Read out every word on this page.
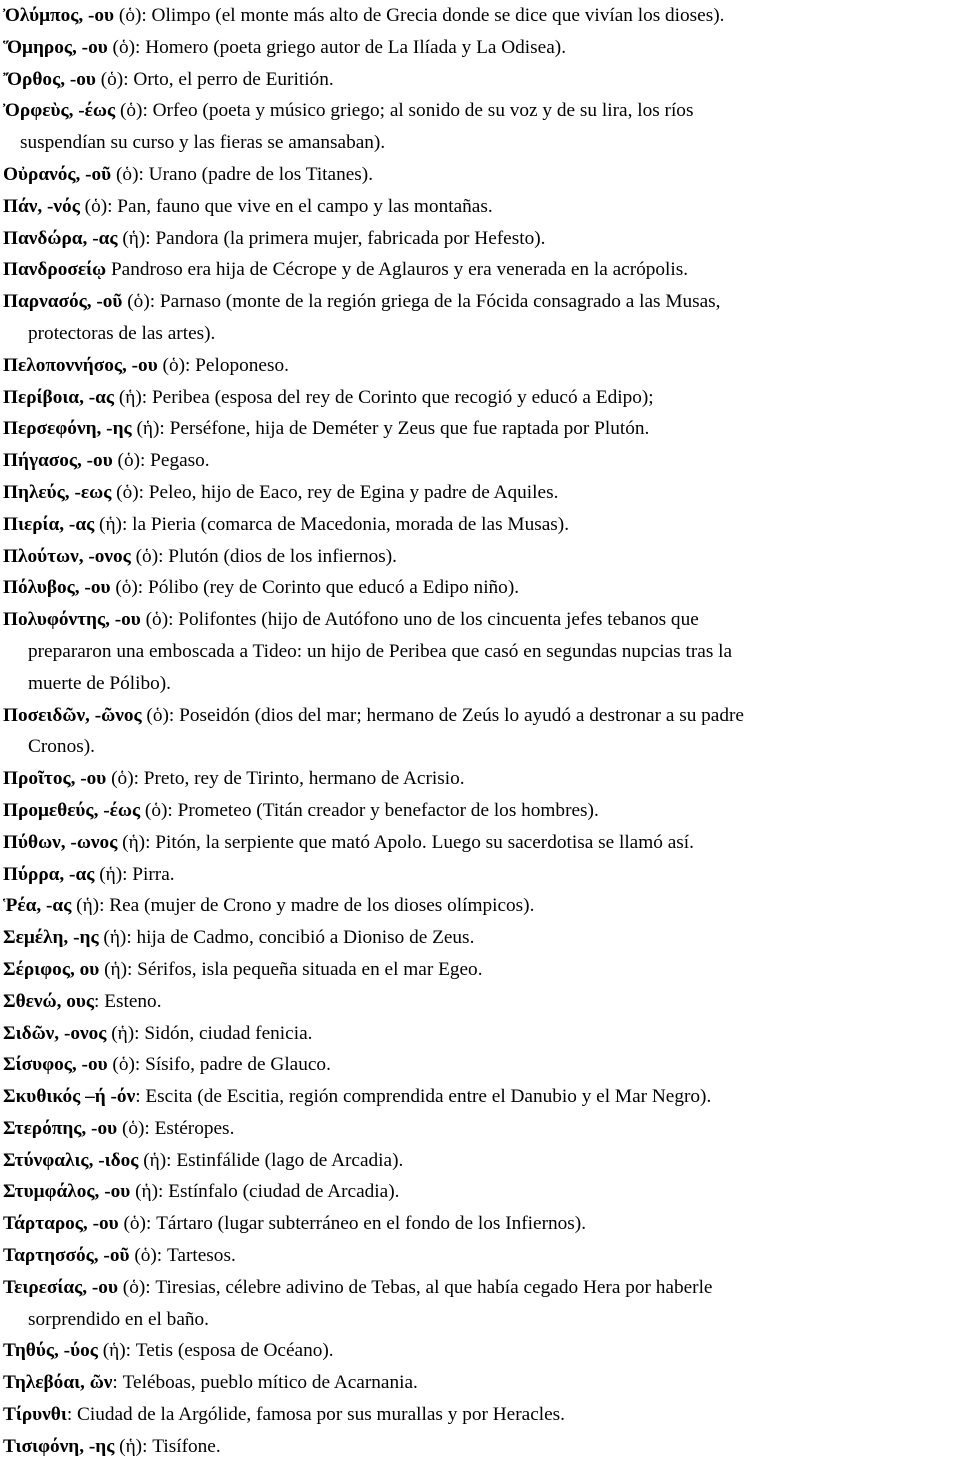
Ὀλύμπος, -ου (ὁ): Olimpo (el monte más alto de Grecia donde se dice que vivían los dioses).
Ὅμηρος, -ου (ὁ): Homero (poeta griego autor de La Ilíada y La Odisea).
Ὄρθος, -ου (ὁ): Orto, el perro de Euritión.
Ὀρφεὺς, -έως (ὁ): Orfeo (poeta y músico griego; al sonido de su voz y de su lira, los ríos
suspendían su curso y las fieras se amansaban).
Οὐρανός, -οῦ (ὁ): Urano (padre de los Titanes).
Πάν, -νός (ὁ): Pan, fauno que vive en el campo y las montañas.
Πανδώρα, -ας (ἡ): Pandora (la primera mujer, fabricada por Hefesto).
Πανδροσείῳ Pandroso era hija de Cécrope y de Aglauros y era venerada en la acrópolis.
Παρνασός, -οῦ (ὁ): Parnaso (monte de la región griega de la Fócida consagrado a las Musas,
protectoras de las artes).
Πελοποννήσος, -ου (ὁ): Peloponeso.
Περίβοια, -ας (ἡ): Peribea (esposa del rey de Corinto que recogió y educó a Edipo);
Περσεφόνη, -ης (ἡ): Perséfone, hija de Deméter y Zeus que fue raptada por Plutón.
Πήγασος, -ου (ὁ): Pegaso.
Πηλεύς, -εως (ὁ): Peleo, hijo de Eaco, rey de Egina y padre de Aquiles.
Πιερία, -ας (ἡ): la Pieria (comarca de Macedonia, morada de las Musas).
Πλούτων, -ονος (ὁ): Plutón (dios de los infiernos).
Πόλυβος, -ου (ὁ): Pólibo (rey de Corinto que educó a Edipo niño).
Πολυφόντης, -ου (ὁ): Polifontes (hijo de Autófono uno de los cincuenta jefes tebanos que
prepararon una emboscada a Tideo: un hijo de Peribea que casó en segundas nupcias tras la
muerte de Pólibo).
Ποσειδῶν, -ῶνος (ὁ): Poseidón (dios del mar; hermano de Zeús lo ayudó a destronar a su padre
Cronos).
Προῖτος, -ου (ὁ): Preto, rey de Tirinto, hermano de Acrisio.
Προμεθεύς, -έως (ὁ): Prometeo (Titán creador y benefactor de los hombres).
Πύθων, -ωνος (ἡ): Pitón, la serpiente que mató Apolo. Luego su sacerdotisa se llamó así.
Πύρρα, -ας (ἡ): Pirra.
Ῥέα, -ας (ἡ): Rea (mujer de Crono y madre de los dioses olímpicos).
Σεμέλη, -ης (ἡ): hija de Cadmo, concibió a Dioniso de Zeus.
Σέριφος, ου (ἡ): Sérifos, isla pequeña situada en el mar Egeo.
Σθενώ, ους: Esteno.
Σιδῶν, -ονος (ἡ): Sidón, ciudad fenicia.
Σίσυφος, -ου (ὁ): Sísifo, padre de Glauco.
Σκυθικός –ή -όν: Escita (de Escitia, región comprendida entre el Danubio y el Mar Negro).
Στερόπης, -ου (ὁ): Estéropes.
Στύνφαλις, -ιδος (ἡ): Estinfálide (lago de Arcadia).
Στυμφάλος, -ου (ἡ): Estínfalo (ciudad de Arcadia).
Τάρταρος, -ου (ὁ): Tártaro (lugar subterráneo en el fondo de los Infiernos).
Ταρτησσός, -οῦ (ὁ): Tartesos.
Τειρεσίας, -ου (ὁ): Tiresias, célebre adivino de Tebas, al que había cegado Hera por haberle
sorprendido en el baño.
Τηθύς, -ύος (ἡ): Tetis (esposa de Océano).
Τηλεβόαι, ῶν: Teléboas, pueblo mítico de Acarnania.
Τίρυνθι: Ciudad de la Argólide, famosa por sus murallas y por Heracles.
Τισιφόνη, -ης (ἡ): Tisífone.
